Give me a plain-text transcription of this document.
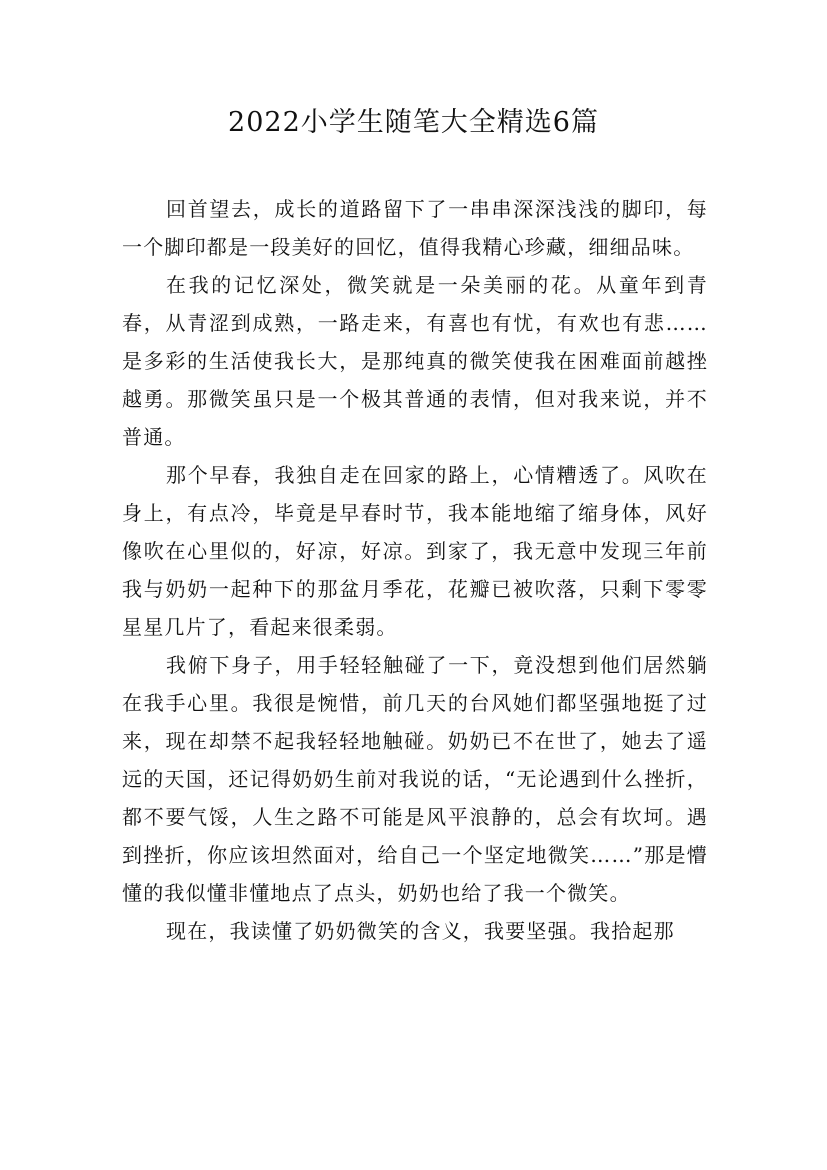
2022小学生随笔大全精选6篇

回首望去，成长的道路留下了一串串深深浅浅的脚印，每一个脚印都是一段美好的回忆，值得我精心珍藏，细细品味。

在我的记忆深处，微笑就是一朵美丽的花。从童年到青春，从青涩到成熟，一路走来，有喜也有忧，有欢也有悲……是多彩的生活使我长大，是那纯真的微笑使我在困难面前越挫越勇。那微笑虽只是一个极其普通的表情，但对我来说，并不普通。

那个早春，我独自走在回家的路上，心情糟透了。风吹在身上，有点冷，毕竟是早春时节，我本能地缩了缩身体，风好像吹在心里似的，好凉，好凉。到家了，我无意中发现三年前我与奶奶一起种下的那盆月季花，花瓣已被吹落，只剩下零零星星几片了，看起来很柔弱。

我俯下身子，用手轻轻触碰了一下，竟没想到他们居然躺在我手心里。我很是惋惜，前几天的台风她们都坚强地挺了过来，现在却禁不起我轻轻地触碰。奶奶已不在世了，她去了遥远的天国，还记得奶奶生前对我说的话，“无论遇到什么挫折，都不要气馁，人生之路不可能是风平浪静的，总会有坎坷。遇到挫折，你应该坦然面对，给自己一个坚定地微笑……”那是懵懂的我似懂非懂地点了点头，奶奶也给了我一个微笑。

现在，我读懂了奶奶微笑的含义，我要坚强。我拾起那
